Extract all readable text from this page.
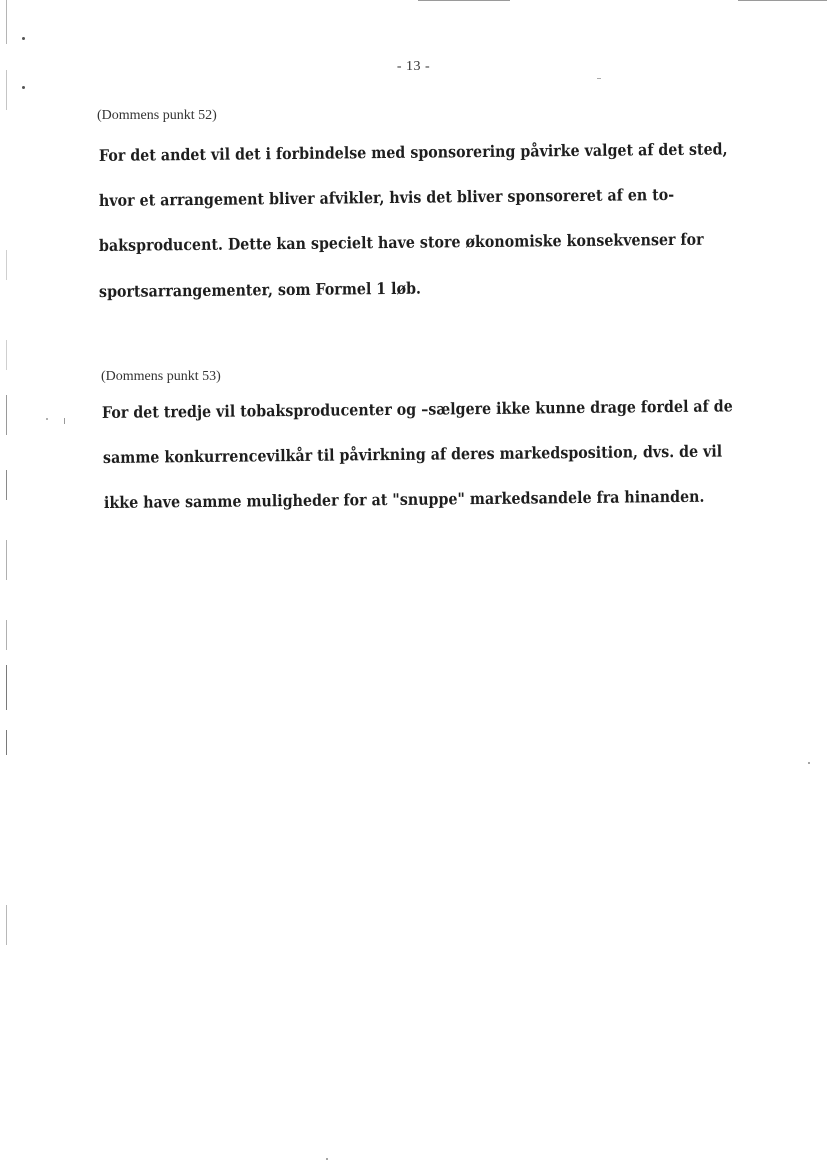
- 13 -
(Dommens punkt 52)
For det andet vil det i forbindelse med sponsorering påvirke valget af det sted,
hvor et arrangement bliver afvikler, hvis det bliver sponsoreret af en to-
baksproducent. Dette kan specielt have store økonomiske konsekvenser for
sportsarrangementer, som Formel 1 løb.
(Dommens punkt 53)
For det tredje vil tobaksproducenter og –sælgere ikke kunne drage fordel af de
samme konkurrencevilkår til påvirkning af deres markedsposition, dvs. de vil
ikke have samme muligheder for at "snuppe" markedsandele fra hinanden.
